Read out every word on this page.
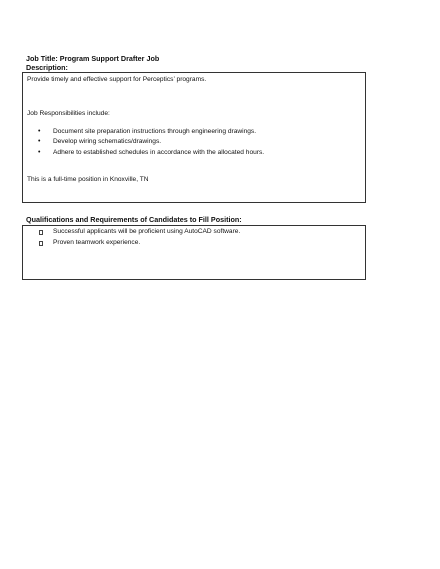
Job Title: Program Support Drafter Job
Description:
Provide timely and effective support for Perceptics’ programs.
Job Responsibilities include:
• Document site preparation instructions through engineering drawings.
• Develop wiring schematics/drawings.
• Adhere to established schedules in accordance with the allocated hours.
This is a full-time position in Knoxville, TN
Qualifications and Requirements of Candidates to Fill Position:
Successful applicants will be proficient using AutoCAD software.
Proven teamwork experience.
